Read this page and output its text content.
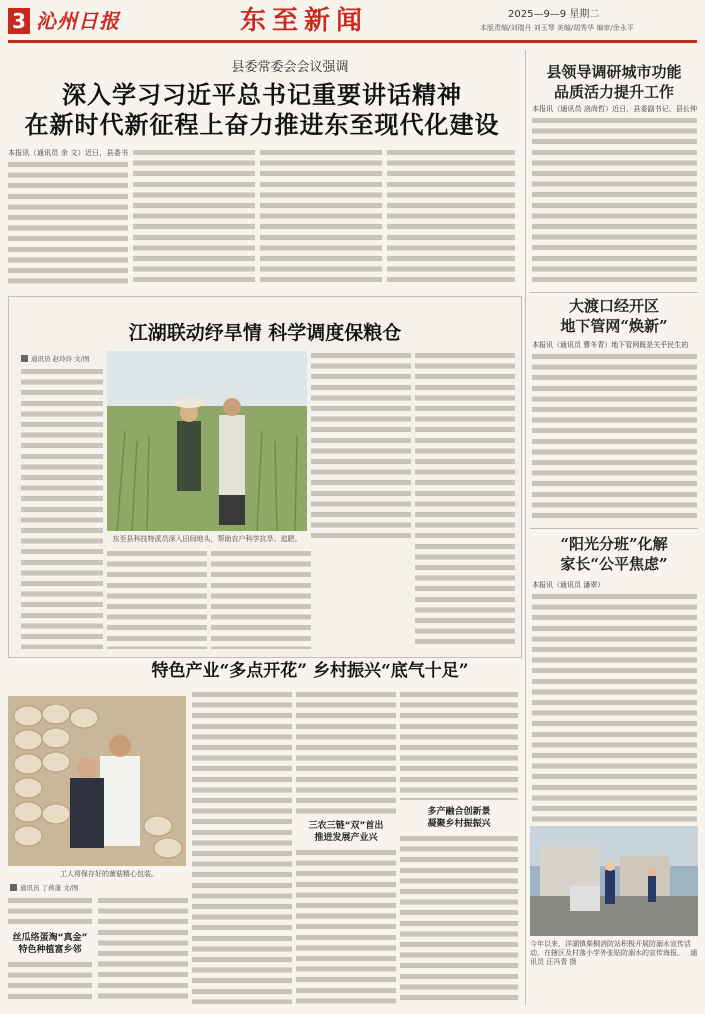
3 沁州日报	东至新闻	2025—9—9 星期二
本版责编/刘瑞丹 刘玉琴 美编/胡秀华 编审/余永平
县委常委会会议强调
深入学习习近平总书记重要讲话精神
在新时代新征程上奋力推进东至现代化建设
本报讯（通讯员 余 文）近日，县委书
县领导调研城市功能
品质活力提升工作
本报讯（通讯员 洛尚哲）近日，县委副书记、县长钟
大渡口经开区
地下管网“焕新”
本报讯（通讯员 曹冬青）地下管网既是关乎民生的
“阳光分班”化解
家长“公平焦虑”
本报讯（通讯员 潘翠）
今年以来，洋湖镇柴桐消防站积极开展防溺水宣传活动，在辖区及村落小学外张贴防溺水的宣传海报。 通讯员 汪冯青 摄
江湖联动纾旱情 科学调度保粮仓
通讯员 赵玲玲 文/图
东至县科技特派员深入田间地头，帮助农户科学抗旱、追肥。
特色产业“多点开花” 乡村振兴“底气十足”
工人将保存好的菌菇精心包装。
通讯员 丁蒋蓬 文/图
丝瓜络蛋淘“真金”
特色种植富乡邻
三农三链“双”首出
推进发展产业兴
多产融合创新景
凝聚乡村振振兴
